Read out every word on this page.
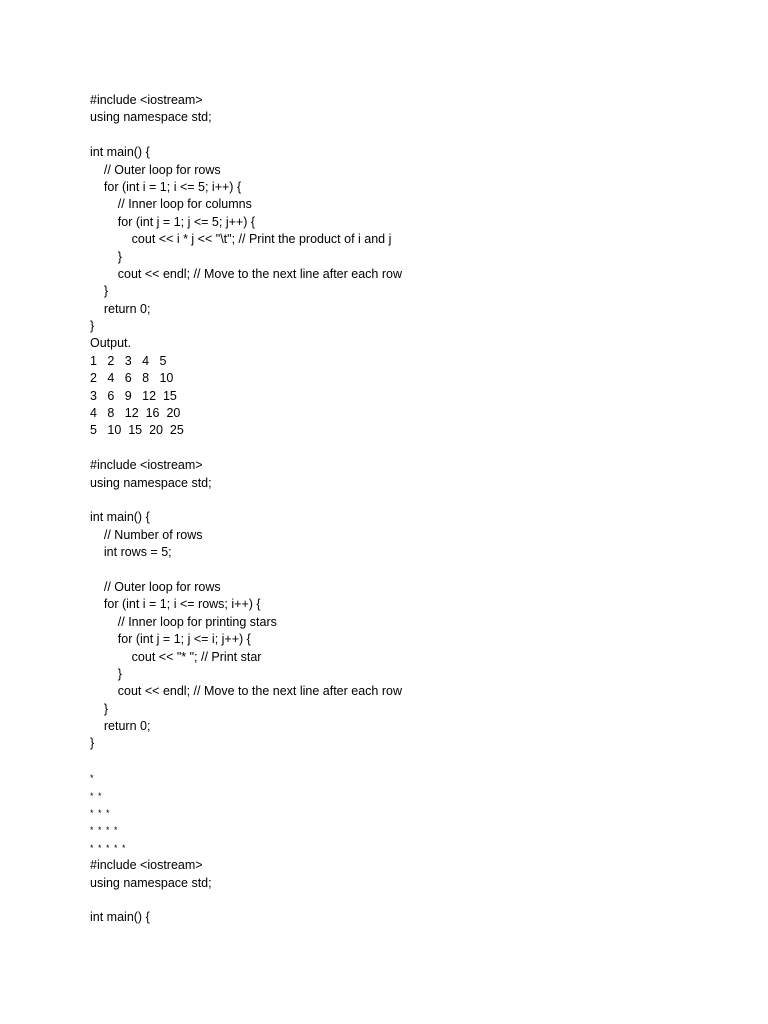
#include <iostream>
using namespace std;
int main() {
// Outer loop for rows
for (int i = 1; i <= 5; i++) {
// Inner loop for columns
for (int j = 1; j <= 5; j++) {
cout << i * j << "\t"; // Print the product of i and j
}
cout << endl; // Move to the next line after each row
}
return 0;
}
Output.
1   2   3   4   5
2   4   6   8   10
3   6   9   12  15
4   8   12  16  20
5   10  15  20  25
#include <iostream>
using namespace std;
int main() {
// Number of rows
int rows = 5;
// Outer loop for rows
for (int i = 1; i <= rows; i++) {
// Inner loop for printing stars
for (int j = 1; j <= i; j++) {
cout << "* "; // Print star
}
cout << endl; // Move to the next line after each row
}
return 0;
}
*
* *
* * *
* * * *
* * * * *
#include <iostream>
using namespace std;
int main() {
